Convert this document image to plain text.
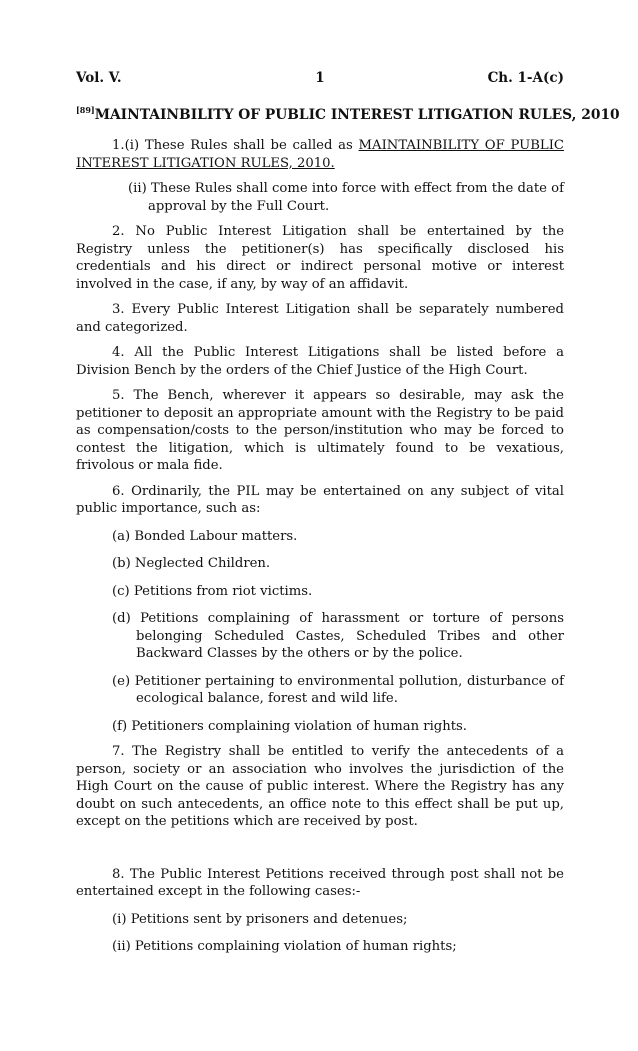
Vol. V.	1	Ch. 1-A(c)
[89]MAINTAINBILITY OF PUBLIC INTEREST LITIGATION RULES, 2010

1.(i) These Rules shall be called as MAINTAINBILITY OF PUBLIC INTEREST LITIGATION RULES, 2010.

(ii) These Rules shall come into force with effect from the date of approval by the Full Court.

2. No Public Interest Litigation shall be entertained by the Registry unless the petitioner(s) has specifically disclosed his credentials and his direct or indirect personal motive or interest involved in the case, if any, by way of an affidavit.

3. Every Public Interest Litigation shall be separately numbered and categorized.

4. All the Public Interest Litigations shall be listed before a Division Bench by the orders of the Chief Justice of the High Court.

5. The Bench, wherever it appears so desirable, may ask the petitioner to deposit an appropriate amount with the Registry to be paid as compensation/costs to the person/institution who may be forced to contest the litigation, which is ultimately found to be vexatious, frivolous or mala fide.

6. Ordinarily, the PIL may be entertained on any subject of vital public importance, such as:

(a) Bonded Labour matters.

(b) Neglected Children.

(c) Petitions from riot victims.

(d) Petitions complaining of harassment or torture of persons belonging Scheduled Castes, Scheduled Tribes and other Backward Classes by the others or by the police.

(e) Petitioner pertaining to environmental pollution, disturbance of ecological balance, forest and wild life.

(f) Petitioners complaining violation of human rights.

7. The Registry shall be entitled to verify the antecedents of a person, society or an association who involves the jurisdiction of the High Court on the cause of public interest. Where the Registry has any doubt on such antecedents, an office note to this effect shall be put up, except on the petitions which are received by post.

8. The Public Interest Petitions received through post shall not be entertained except in the following cases:-

(i) Petitions sent by prisoners and detenues;

(ii) Petitions complaining violation of human rights;
